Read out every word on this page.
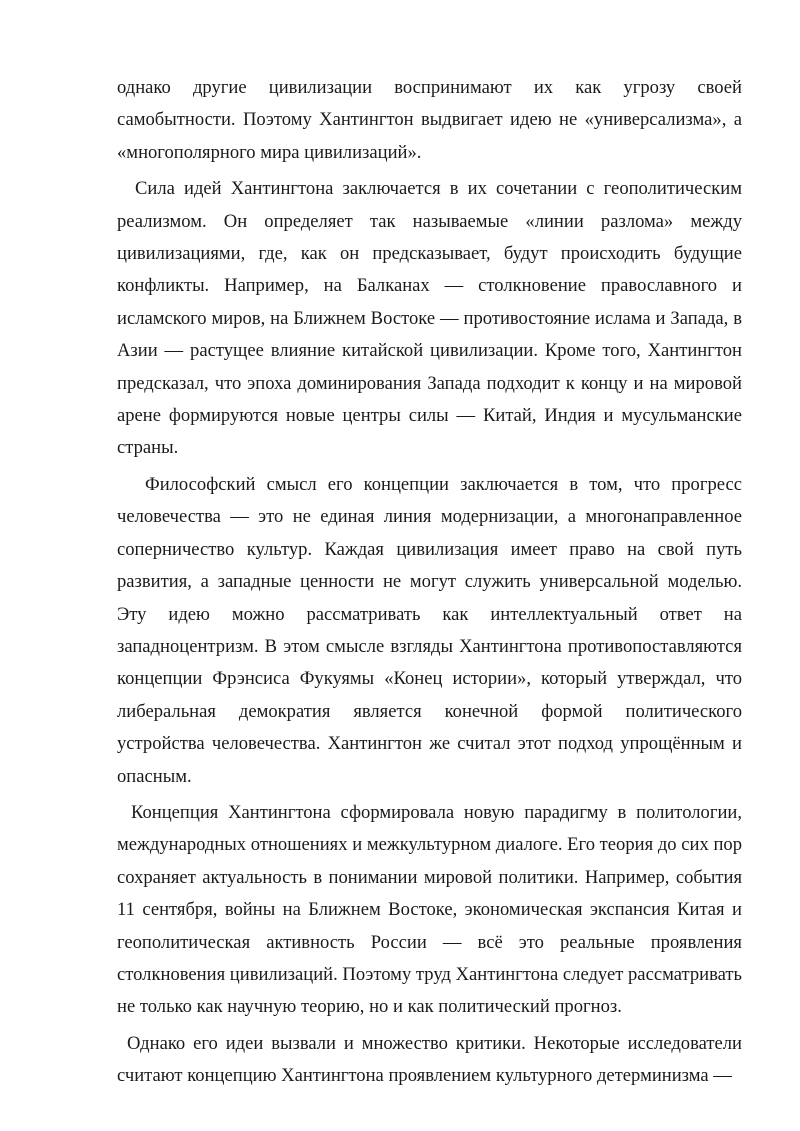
однако другие цивилизации воспринимают их как угрозу своей самобытности. Поэтому Хантингтон выдвигает идею не «универсализма», а «многополярного мира цивилизаций».

Сила идей Хантингтона заключается в их сочетании с геополитическим реализмом. Он определяет так называемые «линии разлома» между цивилизациями, где, как он предсказывает, будут происходить будущие конфликты. Например, на Балканах — столкновение православного и исламского миров, на Ближнем Востоке — противостояние ислама и Запада, в Азии — растущее влияние китайской цивилизации. Кроме того, Хантингтон предсказал, что эпоха доминирования Запада подходит к концу и на мировой арене формируются новые центры силы — Китай, Индия и мусульманские страны.

Философский смысл его концепции заключается в том, что прогресс человечества — это не единая линия модернизации, а многонаправленное соперничество культур. Каждая цивилизация имеет право на свой путь развития, а западные ценности не могут служить универсальной моделью. Эту идею можно рассматривать как интеллектуальный ответ на западноцентризм. В этом смысле взгляды Хантингтона противопоставляются концепции Фрэнсиса Фукуямы «Конец истории», который утверждал, что либеральная демократия является конечной формой политического устройства человечества. Хантингтон же считал этот подход упрощённым и опасным.

Концепция Хантингтона сформировала новую парадигму в политологии, международных отношениях и межкультурном диалоге. Его теория до сих пор сохраняет актуальность в понимании мировой политики. Например, события 11 сентября, войны на Ближнем Востоке, экономическая экспансия Китая и геополитическая активность России — всё это реальные проявления столкновения цивилизаций. Поэтому труд Хантингтона следует рассматривать не только как научную теорию, но и как политический прогноз.

Однако его идеи вызвали и множество критики. Некоторые исследователи считают концепцию Хантингтона проявлением культурного детерминизма —
